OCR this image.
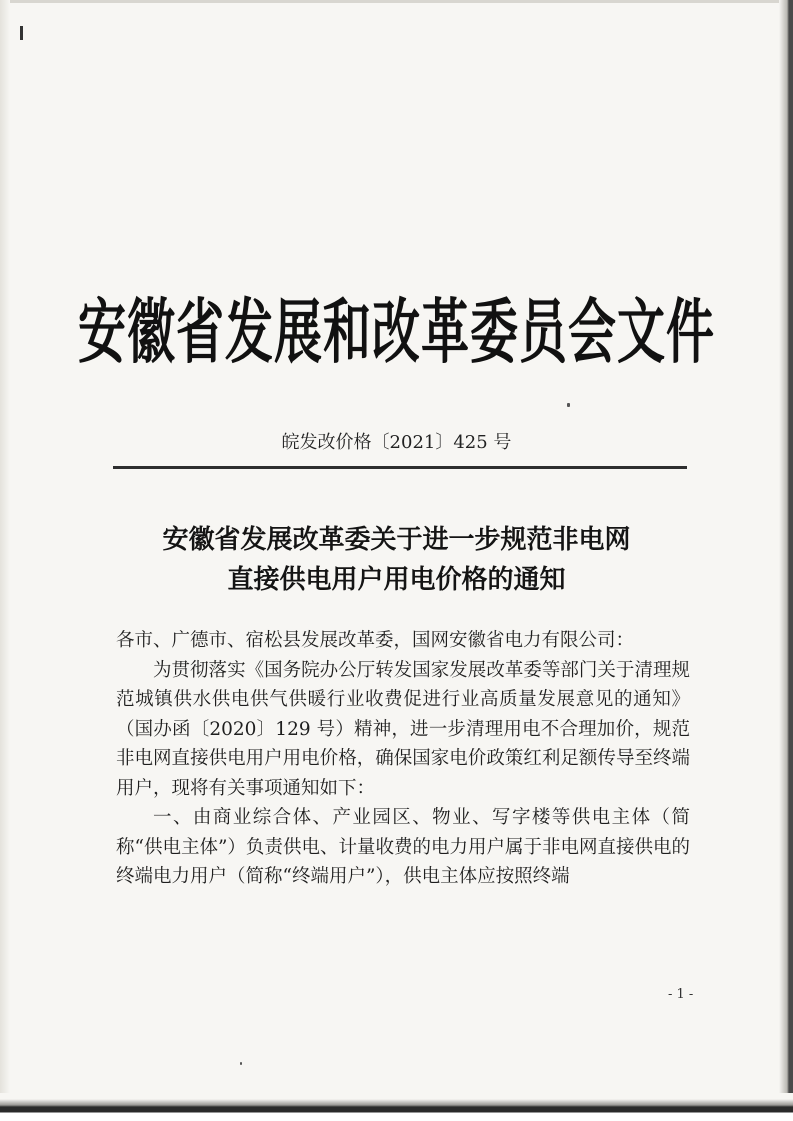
安徽省发展和改革委员会文件
皖发改价格〔2021〕425 号
安徽省发展改革委关于进一步规范非电网
直接供电用户用电价格的通知

各市、广德市、宿松县发展改革委，国网安徽省电力有限公司：

为贯彻落实《国务院办公厅转发国家发展改革委等部门关于清理规范城镇供水供电供气供暖行业收费促进行业高质量发展意见的通知》（国办函〔2020〕129 号）精神，进一步清理用电不合理加价，规范非电网直接供电用户用电价格，确保国家电价政策红利足额传导至终端用户，现将有关事项通知如下：

一、由商业综合体、产业园区、物业、写字楼等供电主体（简称“供电主体”）负责供电、计量收费的电力用户属于非电网直接供电的终端电力用户（简称“终端用户”），供电主体应按照终端

- 1 -
